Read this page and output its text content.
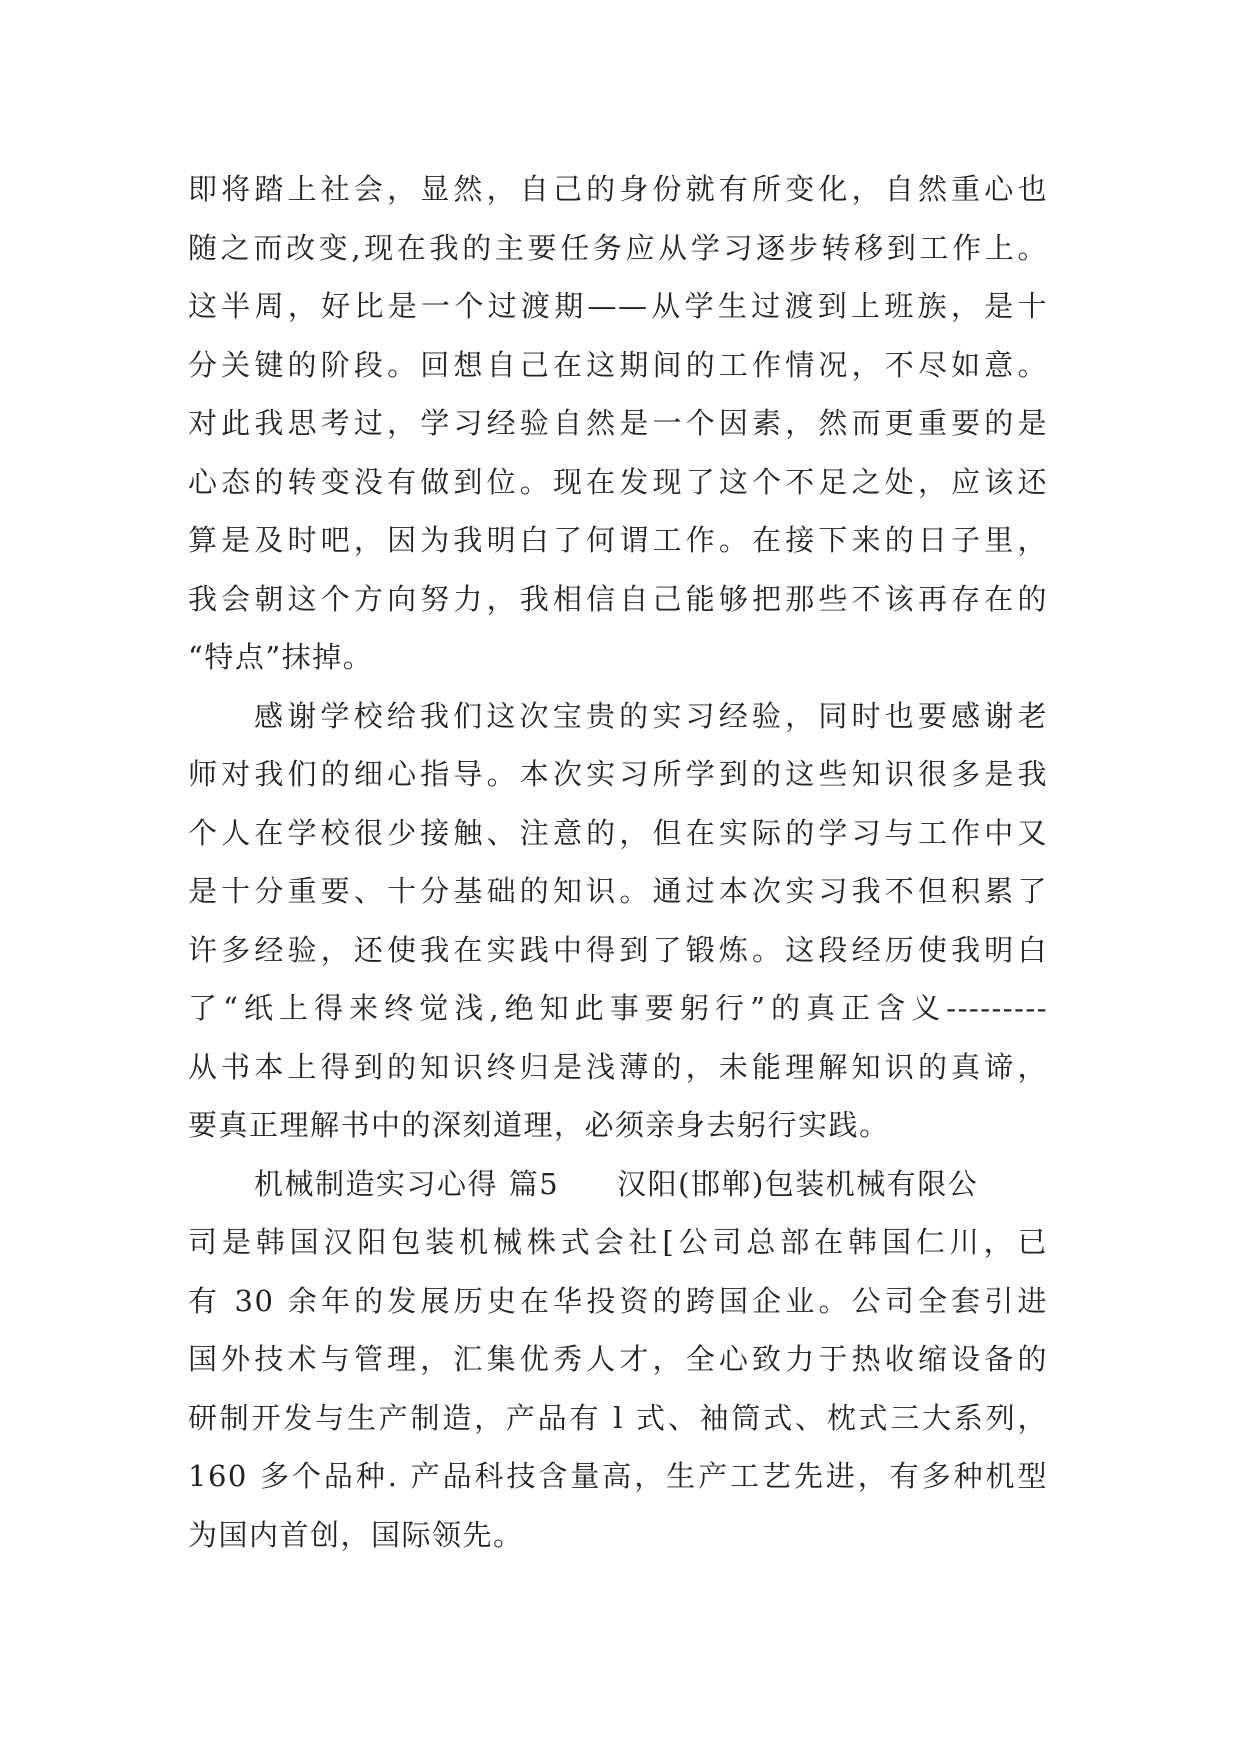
即将踏上社会，显然，自己的身份就有所变化，自然重心也
随之而改变,现在我的主要任务应从学习逐步转移到工作上。
这半周，好比是一个过渡期——从学生过渡到上班族，是十
分关键的阶段。回想自己在这期间的工作情况，不尽如意。
对此我思考过，学习经验自然是一个因素，然而更重要的是
心态的转变没有做到位。现在发现了这个不足之处，应该还
算是及时吧，因为我明白了何谓工作。在接下来的日子里，
我会朝这个方向努力，我相信自己能够把那些不该再存在的
“特点”抹掉。
感谢学校给我们这次宝贵的实习经验，同时也要感谢老
师对我们的细心指导。本次实习所学到的这些知识很多是我
个人在学校很少接触、注意的，但在实际的学习与工作中又
是十分重要、十分基础的知识。通过本次实习我不但积累了
许多经验，还使我在实践中得到了锻炼。这段经历使我明白
了“纸上得来终觉浅,绝知此事要躬行”的真正含义---------
从书本上得到的知识终归是浅薄的，未能理解知识的真谛，
要真正理解书中的深刻道理，必须亲身去躬行实践。
机械制造实习心得 篇5 汉阳(邯郸)包装机械有限公
司是韩国汉阳包装机械株式会社[公司总部在韩国仁川，已
有 30 余年的发展历史在华投资的跨国企业。公司全套引进
国外技术与管理，汇集优秀人才，全心致力于热收缩设备的
研制开发与生产制造，产品有 l 式、袖筒式、枕式三大系列，
160 多个品种. 产品科技含量高，生产工艺先进，有多种机型
为国内首创，国际领先。
